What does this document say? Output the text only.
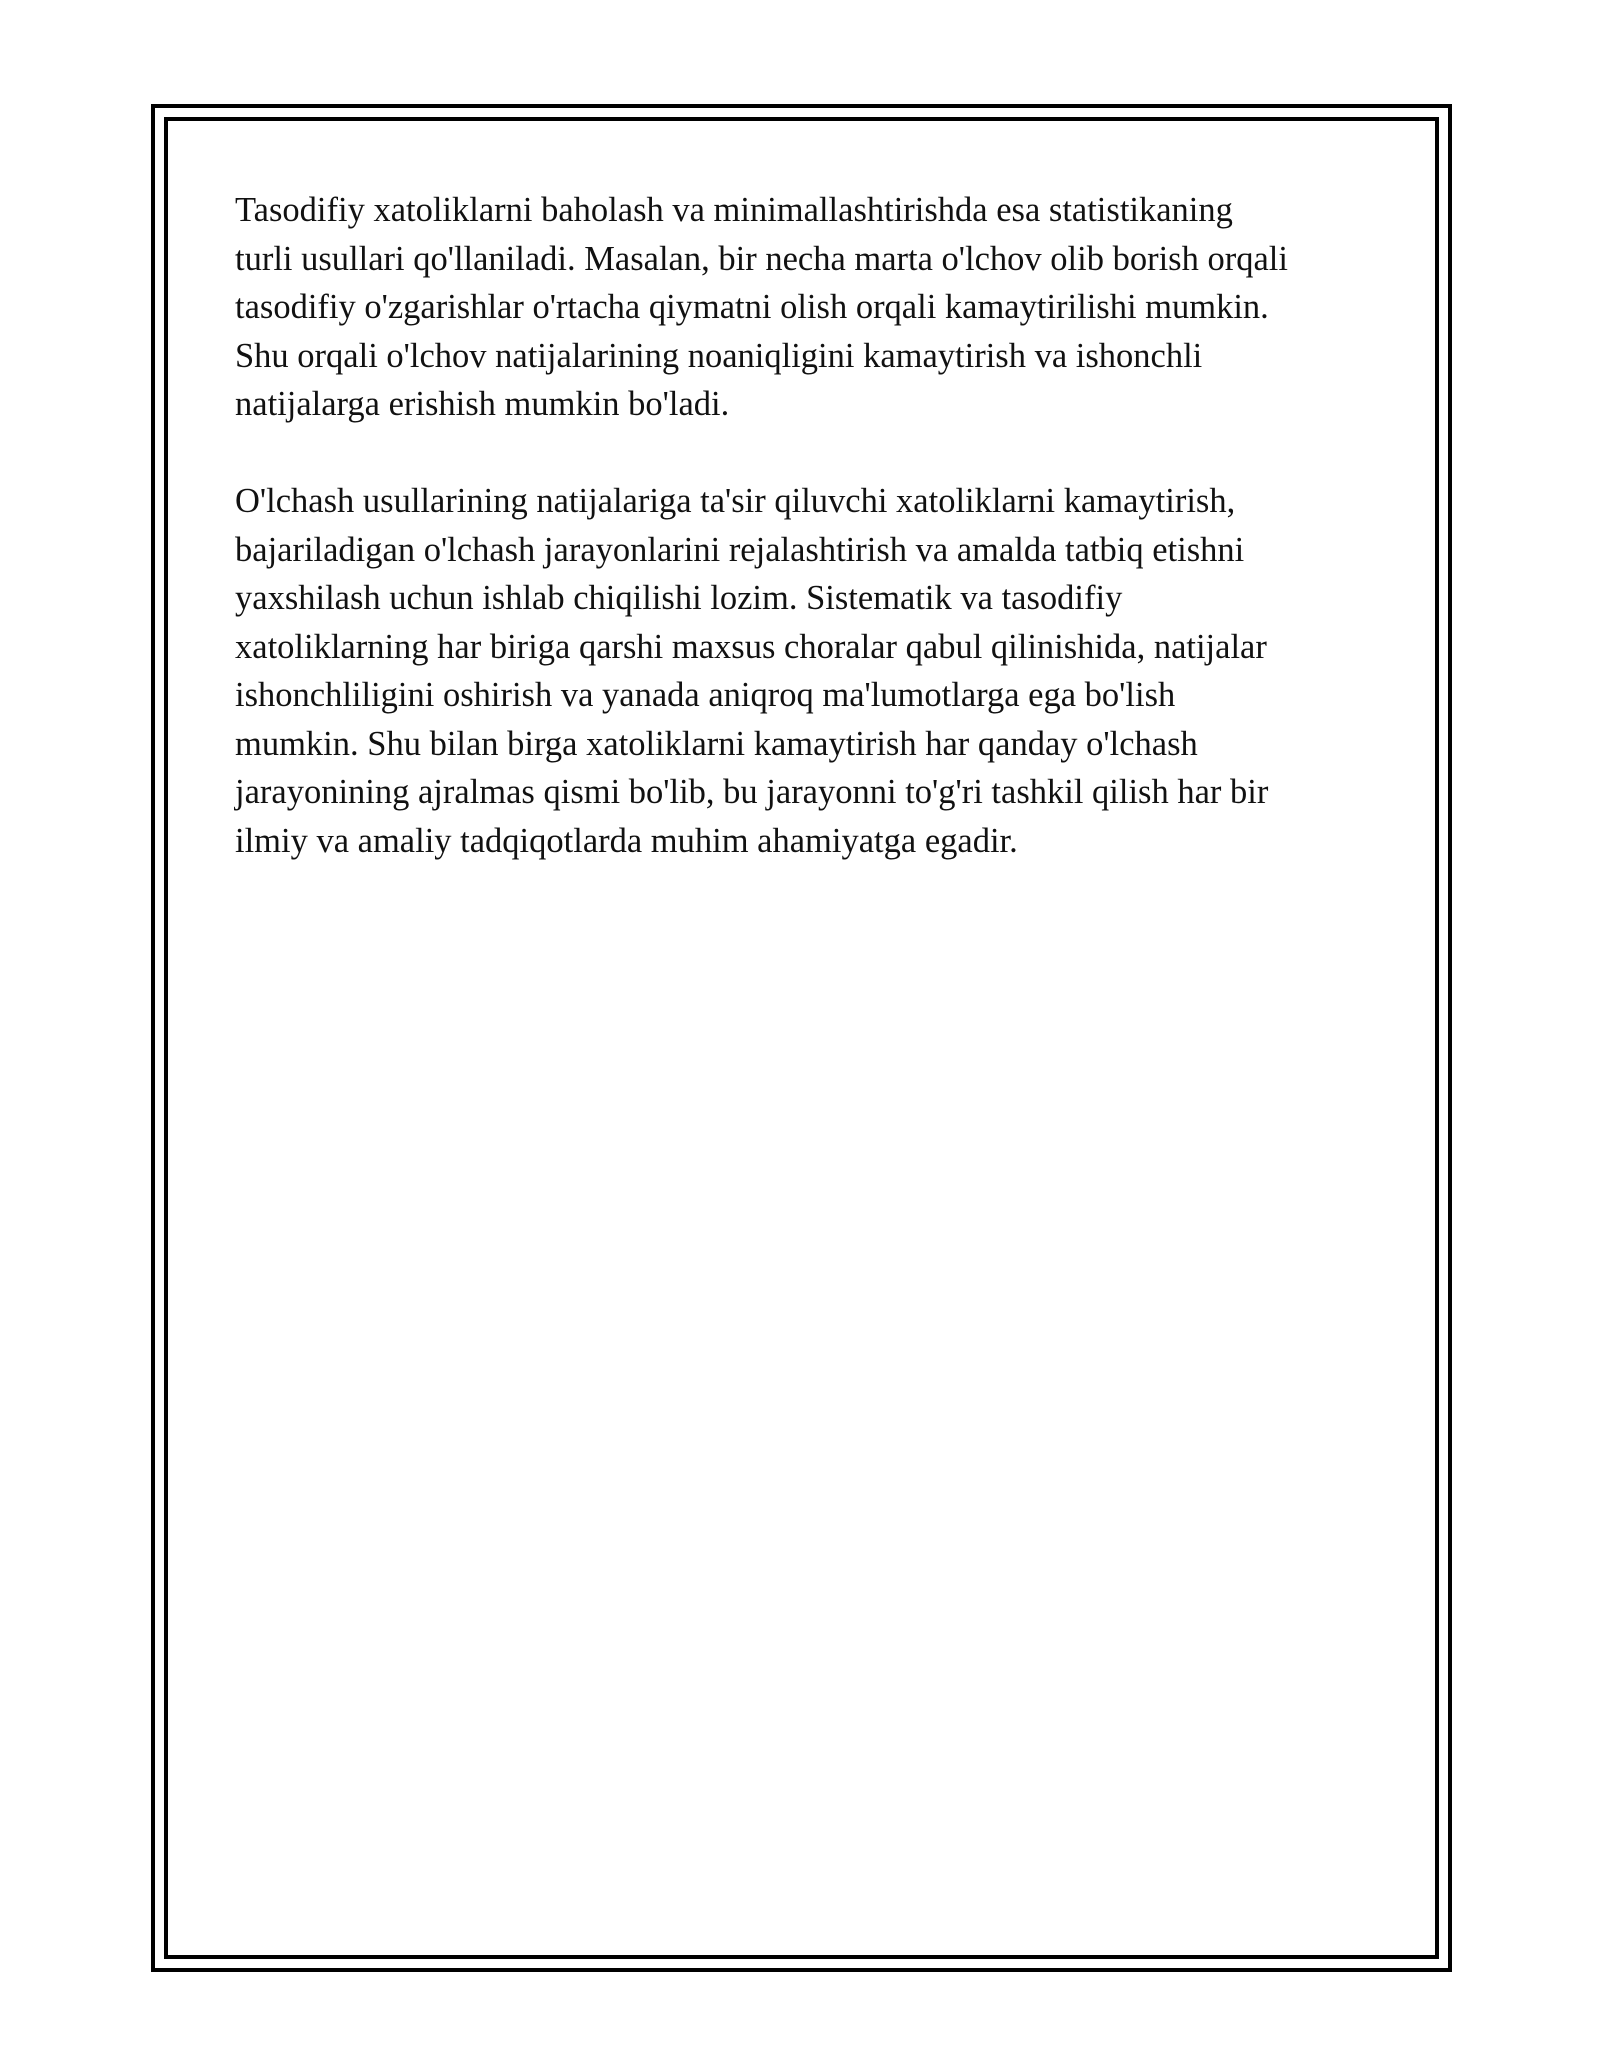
Tasodifiy xatoliklarni baholash va minimallashtirishda esa statistikaning

turli usullari qo'llaniladi. Masalan, bir necha marta o'lchov olib borish orqali

tasodifiy o'zgarishlar o'rtacha qiymatni olish orqali kamaytirilishi mumkin.

Shu orqali o'lchov natijalarining noaniqligini kamaytirish va ishonchli

natijalarga erishish mumkin bo'ladi.

O'lchash usullarining natijalariga ta'sir qiluvchi xatoliklarni kamaytirish,

bajariladigan o'lchash jarayonlarini rejalashtirish va amalda tatbiq etishni

yaxshilash uchun ishlab chiqilishi lozim. Sistematik va tasodifiy

xatoliklarning har biriga qarshi maxsus choralar qabul qilinishida, natijalar

ishonchliligini oshirish va yanada aniqroq ma'lumotlarga ega bo'lish

mumkin. Shu bilan birga xatoliklarni kamaytirish har qanday o'lchash

jarayonining ajralmas qismi bo'lib, bu jarayonni to'g'ri tashkil qilish har bir

ilmiy va amaliy tadqiqotlarda muhim ahamiyatga egadir.
